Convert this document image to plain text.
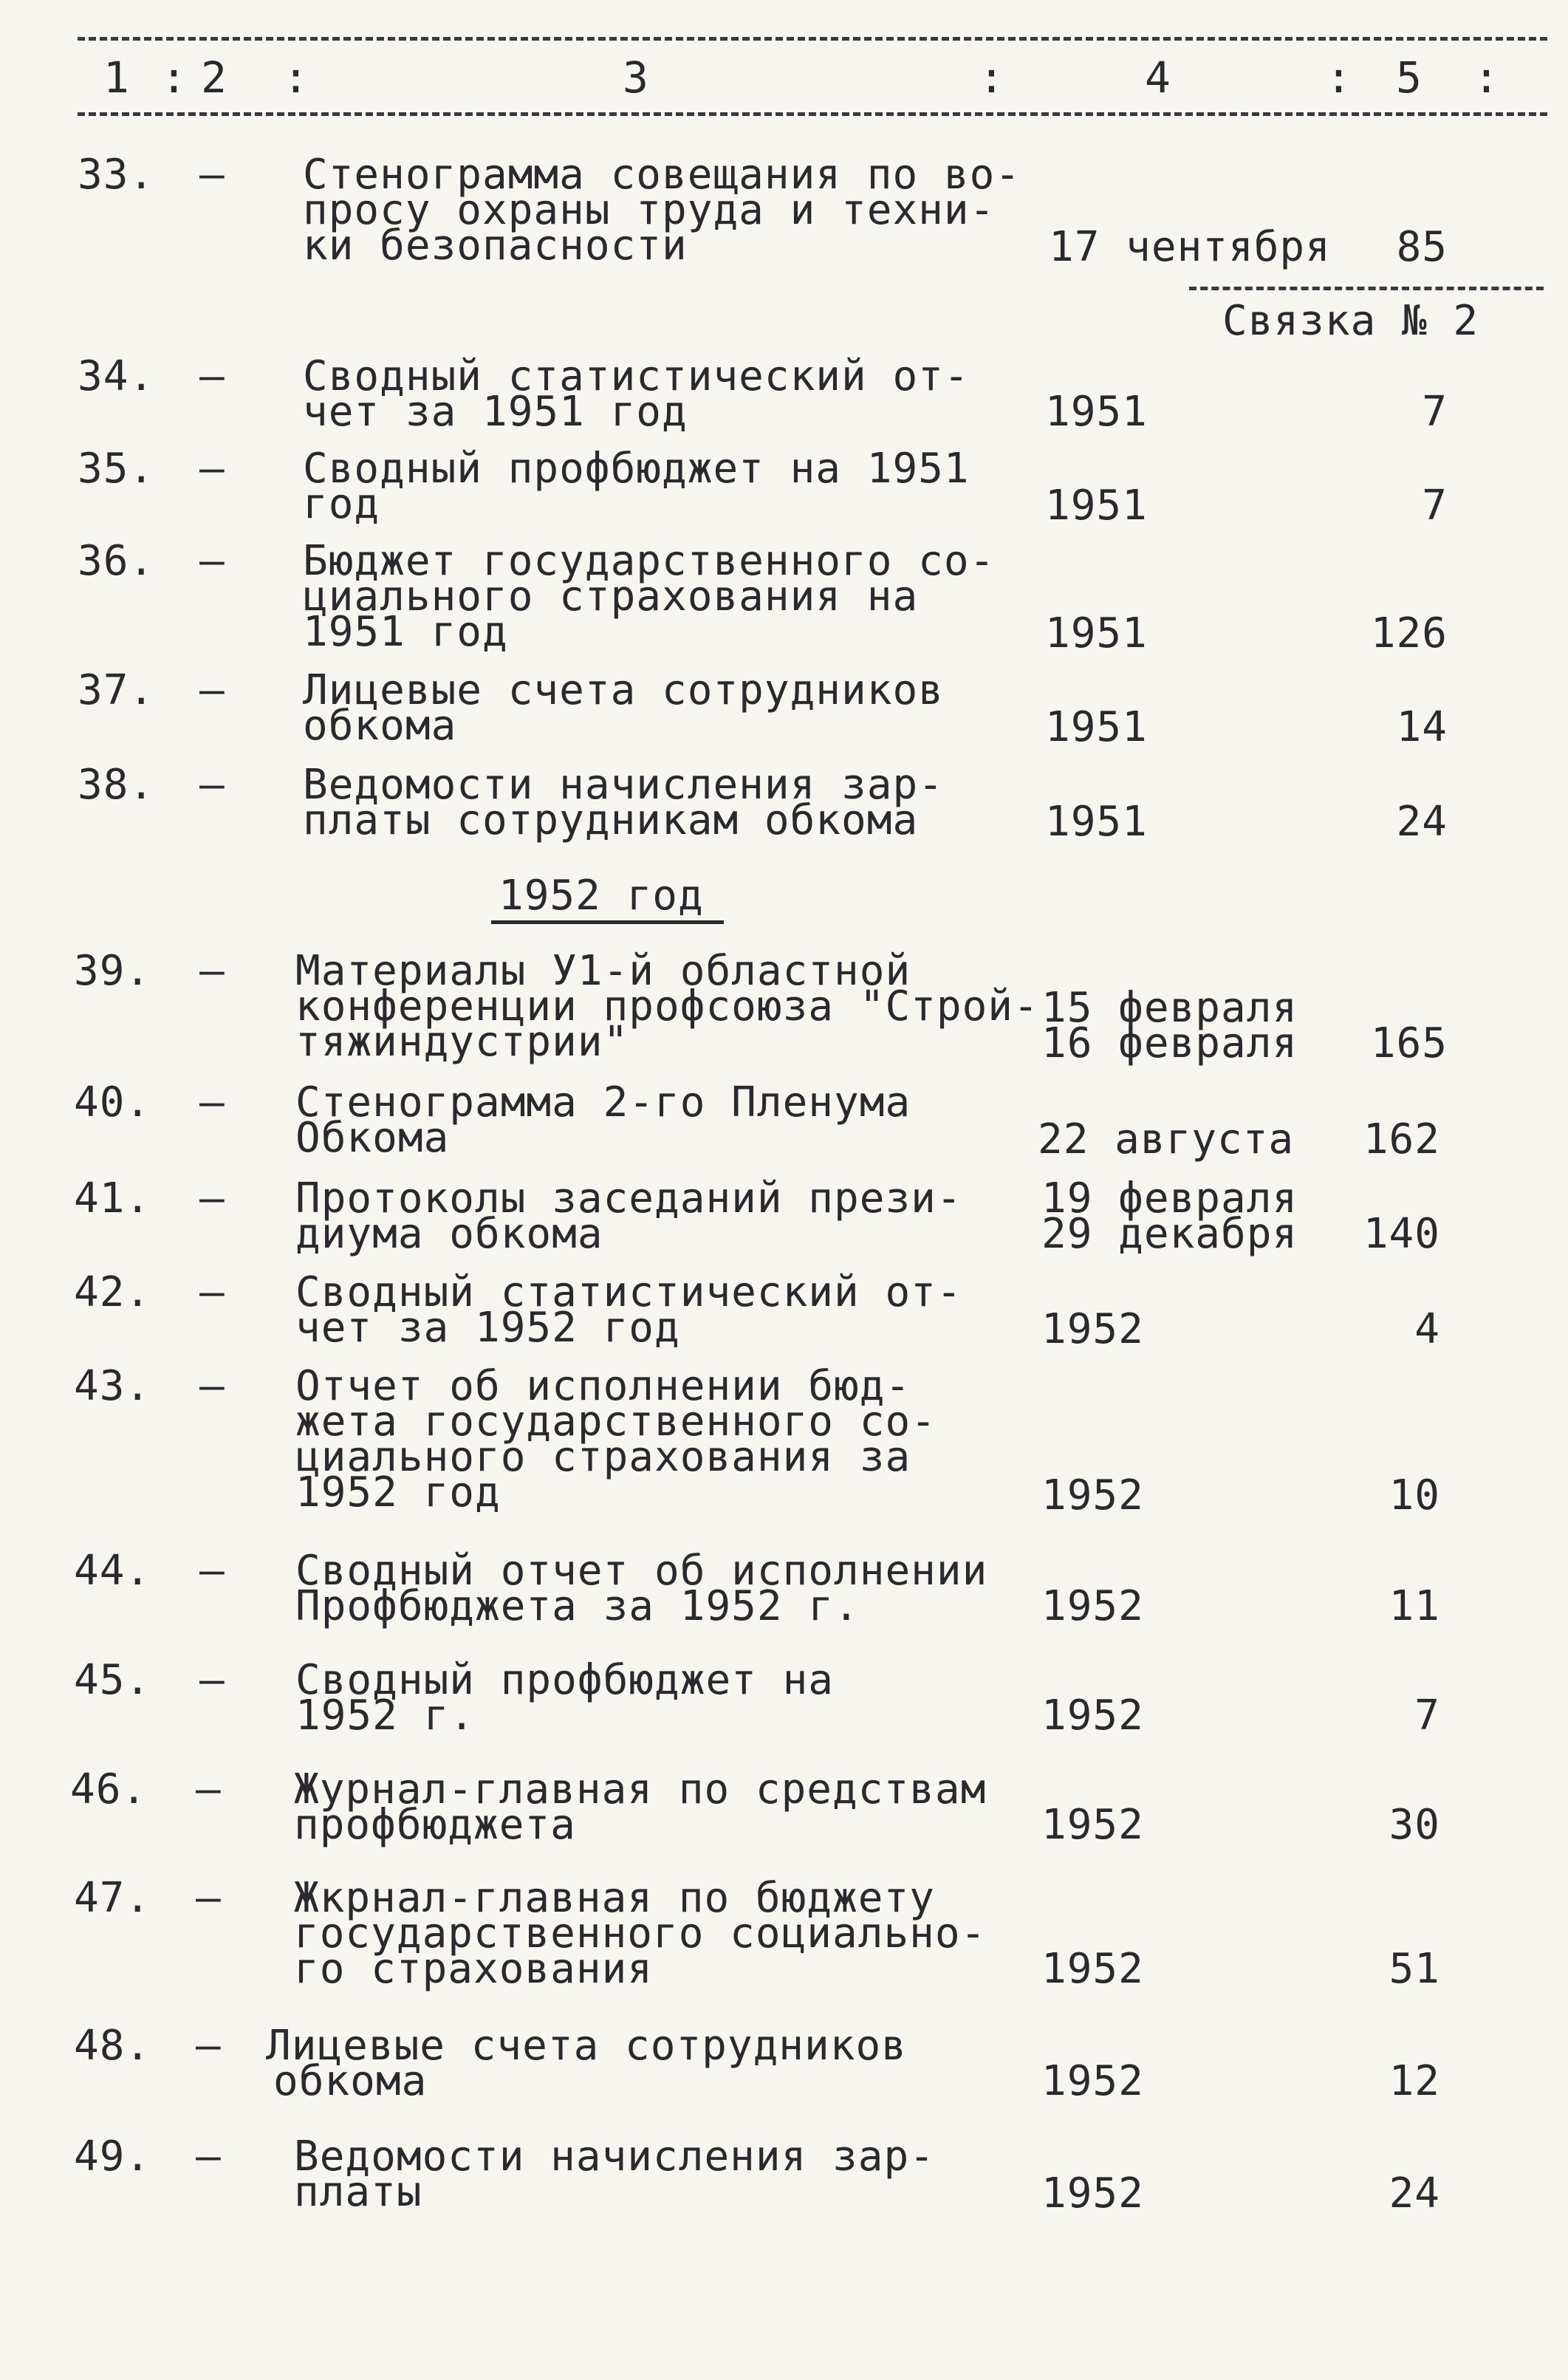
1 : 2 :	3	:	4	: 5 :
33. – Стенограмма совещания по во-
просу охраны труда и техни-
ки безопасности	17 чентября	85
Связка № 2
34. – Сводный статистический от-
чет за 1951 год	1951	7
35. – Сводный профбюджет на 1951
год	1951	7
36. – Бюджет государственного со-
циального страхования на
1951 год	1951	126
37. – Лицевые счета сотрудников
обкома	1951	14
38. – Ведомости начисления зар-
платы сотрудникам обкома	1951	24
1952 год
39. – Материалы У1-й областной
конференции профсоюза "Строй-
тяжиндустрии"
15 февраля
16 февраля	165
40. – Стенограмма 2-го Пленума
Обкома	22 августа	162
41. – Протоколы заседаний прези-
диума обкома
19 февраля
29 декабря	140
42. – Сводный статистический от-
чет за 1952 год	1952	4
43. – Отчет об исполнении бюд-
жета государственного со-
циального страхования за
1952 год	1952	10
44. – Сводный отчет об исполнении
Профбюджета за 1952 г.	1952	11
45. – Сводный профбюджет на
1952 г.	1952	7
46. – Журнал-главная по средствам
профбюджета	1952	30
47. – Жкрнал-главная по бюджету
государственного социально-
го страхования	1952	51
48. – Лицевые счета сотрудников
обкома	1952	12
49. – Ведомости начисления зар-
платы	1952	24
